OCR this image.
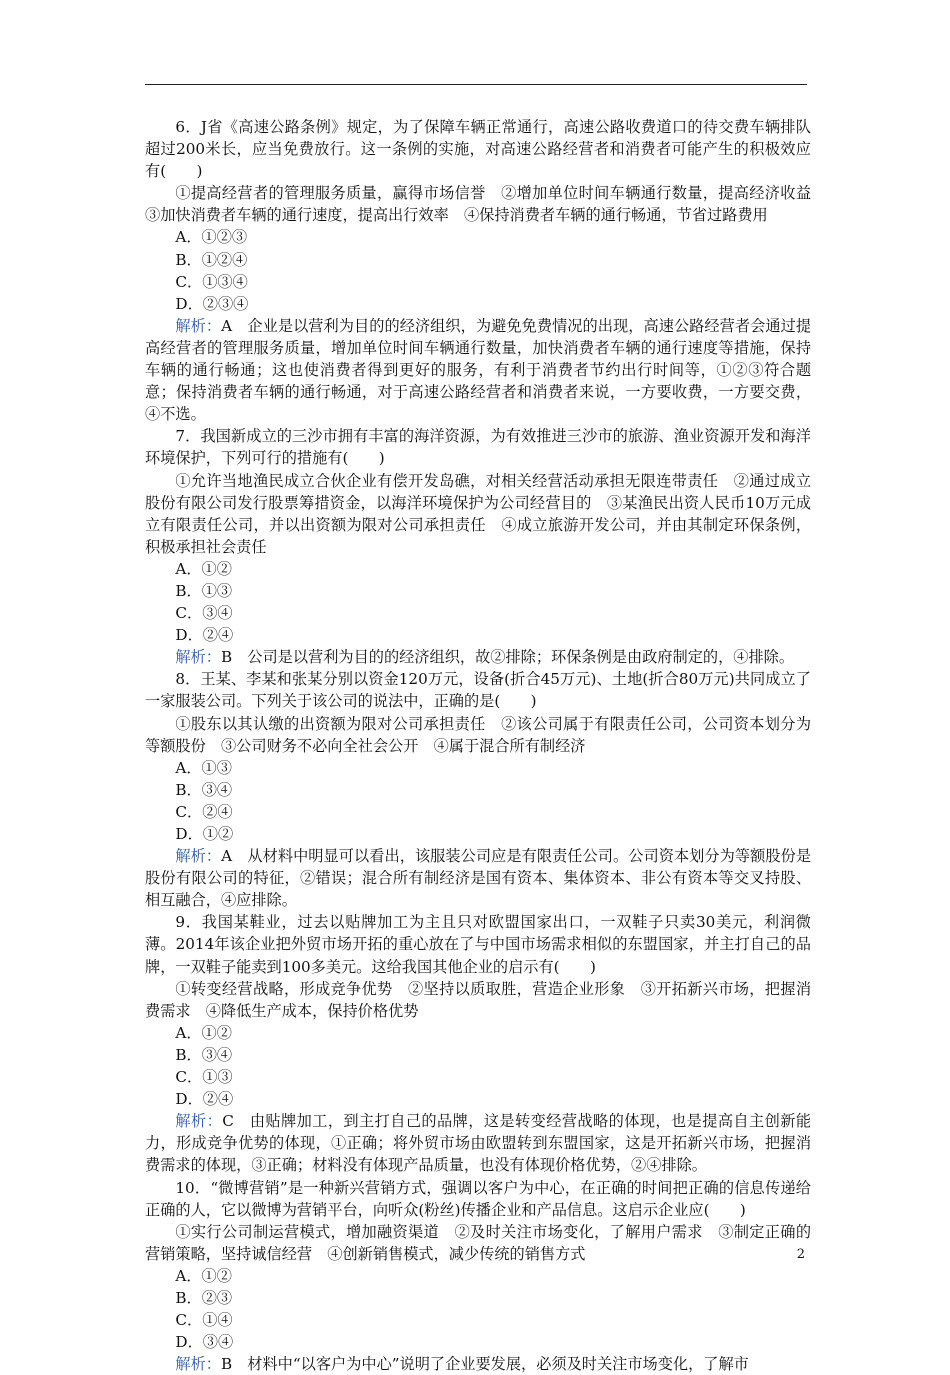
6．J省《高速公路条例》规定，为了保障车辆正常通行，高速公路收费道口的待交费车辆排队超过200米长，应当免费放行。这一条例的实施，对高速公路经营者和消费者可能产生的积极效应有(　　)

①提高经营者的管理服务质量，赢得市场信誉　②增加单位时间车辆通行数量，提高经济收益　③加快消费者车辆的通行速度，提高出行效率　④保持消费者车辆的通行畅通，节省过路费用

A．①②③
B．①②④
C．①③④
D．②③④

解析：A　企业是以营利为目的的经济组织，为避免免费情况的出现，高速公路经营者会通过提高经营者的管理服务质量，增加单位时间车辆通行数量，加快消费者车辆的通行速度等措施，保持车辆的通行畅通；这也使消费者得到更好的服务，有利于消费者节约出行时间等，①②③符合题意；保持消费者车辆的通行畅通，对于高速公路经营者和消费者来说，一方要收费，一方要交费，④不选。

7．我国新成立的三沙市拥有丰富的海洋资源，为有效推进三沙市的旅游、渔业资源开发和海洋环境保护，下列可行的措施有(　　)

①允许当地渔民成立合伙企业有偿开发岛礁，对相关经营活动承担无限连带责任　②通过成立股份有限公司发行股票筹措资金，以海洋环境保护为公司经营目的　③某渔民出资人民币10万元成立有限责任公司，并以出资额为限对公司承担责任　④成立旅游开发公司，并由其制定环保条例，积极承担社会责任

A．①②
B．①③
C．③④
D．②④

解析：B　公司是以营利为目的的经济组织，故②排除；环保条例是由政府制定的，④排除。

8．王某、李某和张某分别以资金120万元，设备(折合45万元)、土地(折合80万元)共同成立了一家服装公司。下列关于该公司的说法中，正确的是(　　)

①股东以其认缴的出资额为限对公司承担责任　②该公司属于有限责任公司，公司资本划分为等额股份　③公司财务不必向全社会公开　④属于混合所有制经济

A．①③
B．③④
C．②④
D．①②

解析：A　从材料中明显可以看出，该服装公司应是有限责任公司。公司资本划分为等额股份是股份有限公司的特征，②错误；混合所有制经济是国有资本、集体资本、非公有资本等交叉持股、相互融合，④应排除。

9．我国某鞋业，过去以贴牌加工为主且只对欧盟国家出口，一双鞋子只卖30美元，利润微薄。2014年该企业把外贸市场开拓的重心放在了与中国市场需求相似的东盟国家，并主打自己的品牌，一双鞋子能卖到100多美元。这给我国其他企业的启示有(　　)

①转变经营战略，形成竞争优势　②坚持以质取胜，营造企业形象　③开拓新兴市场，把握消费需求　④降低生产成本，保持价格优势

A．①②
B．③④
C．①③
D．②④

解析：C　由贴牌加工，到主打自己的品牌，这是转变经营战略的体现，也是提高自主创新能力，形成竞争优势的体现，①正确；将外贸市场由欧盟转到东盟国家，这是开拓新兴市场，把握消费需求的体现，③正确；材料没有体现产品质量，也没有体现价格优势，②④排除。

10．“微博营销”是一种新兴营销方式，强调以客户为中心，在正确的时间把正确的信息传递给正确的人，它以微博为营销平台，向听众(粉丝)传播企业和产品信息。这启示企业应(　　)

①实行公司制运营模式，增加融资渠道　②及时关注市场变化，了解用户需求　③制定正确的营销策略，坚持诚信经营　④创新销售模式，减少传统的销售方式

A．①②
B．②③
C．①④
D．③④

解析：B　材料中“以客户为中心”说明了企业要发展，必须及时关注市场变化，了解市

2
